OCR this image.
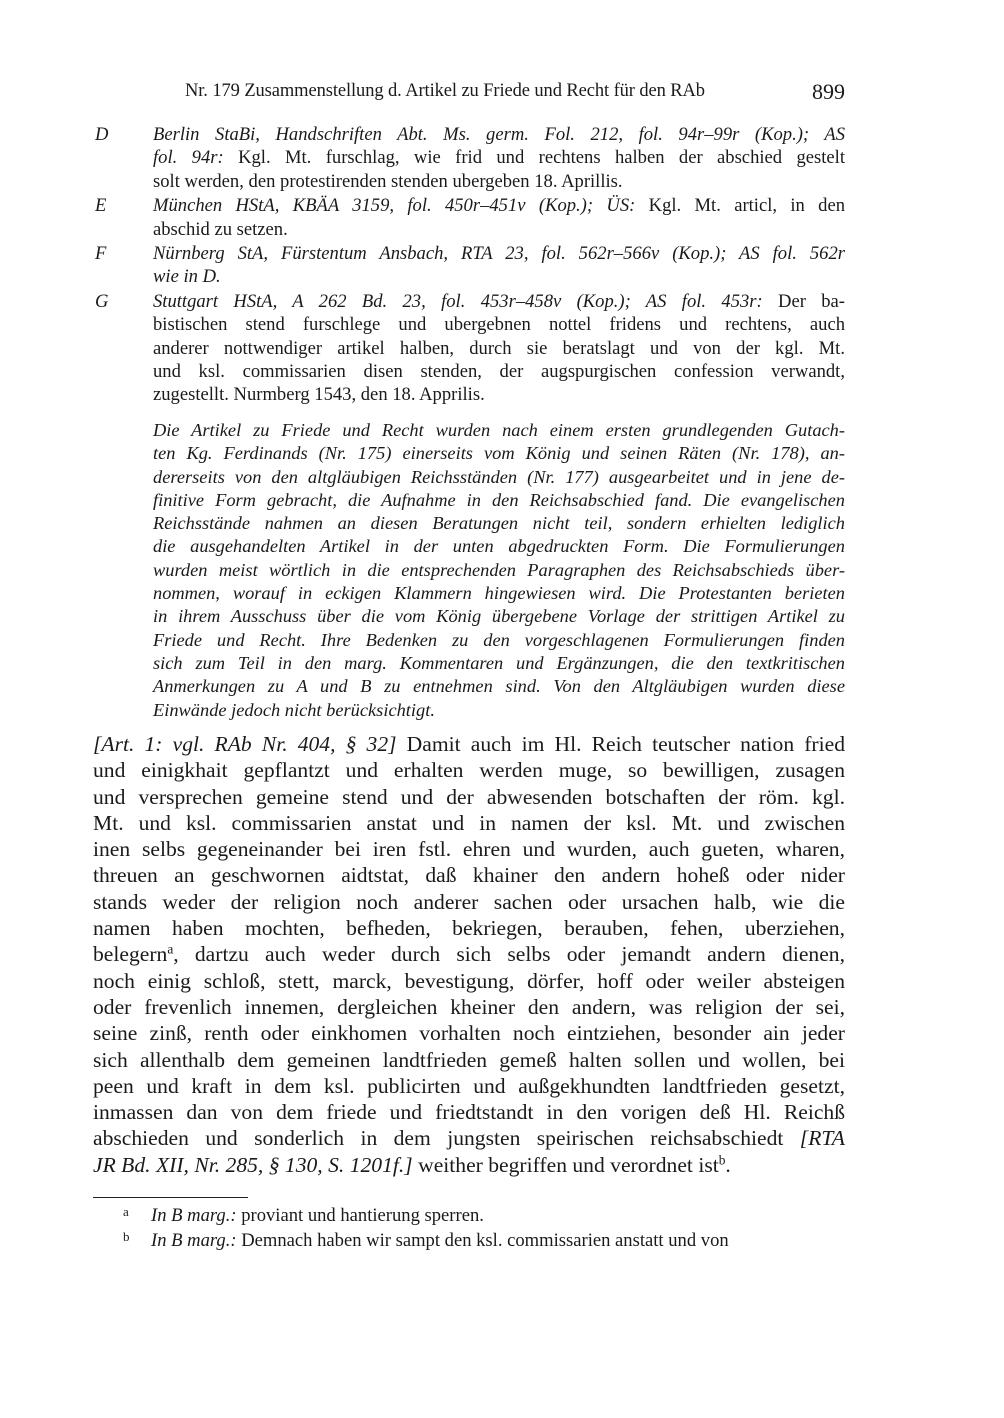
Nr. 179 Zusammenstellung d. Artikel zu Friede und Recht für den RAb	899
D Berlin StaBi, Handschriften Abt. Ms. germ. Fol. 212, fol. 94r–99r (Kop.); AS
fol. 94r: Kgl. Mt. furschlag, wie frid und rechtens halben der abschied gestelt
solt werden, den protestirenden stenden ubergeben 18. Aprillis.
E	München HStA, KBÄA 3159, fol. 450r–451v (Kop.); ÜS: Kgl. Mt. articl, in den
abschid zu setzen.
F	Nürnberg StA, Fürstentum Ansbach, RTA 23, fol. 562r–566v (Kop.); AS fol. 562r
wie in D.
G Stuttgart HStA, A 262 Bd. 23, fol. 453r–458v (Kop.); AS fol. 453r: Der ba-
bistischen stend furschlege und ubergebnen nottel fridens und rechtens, auch
anderer nottwendiger artikel halben, durch sie beratslagt und von der kgl. Mt.
und ksl. commissarien disen stenden, der augspurgischen confession verwandt,
zugestellt. Nurmberg 1543, den 18. Apprilis.
Die Artikel zu Friede und Recht wurden nach einem ersten grundlegenden Gutach-
ten Kg. Ferdinands (Nr. 175) einerseits vom König und seinen Räten (Nr. 178), an-
dererseits von den altgläubigen Reichsständen (Nr. 177) ausgearbeitet und in jene de-
finitive Form gebracht, die Aufnahme in den Reichsabschied fand. Die evangelischen
Reichsstände nahmen an diesen Beratungen nicht teil, sondern erhielten lediglich
die ausgehandelten Artikel in der unten abgedruckten Form. Die Formulierungen
wurden meist wörtlich in die entsprechenden Paragraphen des Reichsabschieds über-
nommen, worauf in eckigen Klammern hingewiesen wird. Die Protestanten berieten
in ihrem Ausschuss über die vom König übergebene Vorlage der strittigen Artikel zu
Friede und Recht. Ihre Bedenken zu den vorgeschlagenen Formulierungen finden
sich zum Teil in den marg. Kommentaren und Ergänzungen, die den textkritischen
Anmerkungen zu A und B zu entnehmen sind. Von den Altgläubigen wurden diese
Einwände jedoch nicht berücksichtigt.
[Art. 1: vgl. RAb Nr. 404, § 32] Damit auch im Hl. Reich teutscher nation fried
und einigkhait gepflantzt und erhalten werden muge, so bewilligen, zusagen
und versprechen gemeine stend und der abwesenden botschaften der röm. kgl.
Mt. und ksl. commissarien anstat und in namen der ksl. Mt. und zwischen
inen selbs gegeneinander bei iren fstl. ehren und wurden, auch gueten, wharen,
threuen an geschwornen aidtstat, daß khainer den andern hoheß oder nider
stands weder der religion noch anderer sachen oder ursachen halb, wie die
namen haben mochten, befheden, bekriegen, berauben, fehen, uberziehen,
belegern$^a$, dartzu auch weder durch sich selbs oder jemandt andern dienen,
noch einig schloß, stett, marck, bevestigung, dörfer, hoff oder weiler absteigen
oder frevenlich innemen, dergleichen kheiner den andern, was religion der sei,
seine zinß, renth oder einkhomen vorhalten noch eintziehen, besonder ain jeder
sich allenthalb dem gemeinen landtfrieden gemeß halten sollen und wollen, bei
peen und kraft in dem ksl. publicirten und außgekhundten landtfrieden gesetzt,
inmassen dan von dem friede und friedtstandt in den vorigen deß Hl. Reichß
abschieden und sonderlich in dem jungsten speirischen reichsabschiedt [RTA
JR Bd. XII, Nr. 285, § 130, S. 1201f.] weither begriffen und verordnet ist$^b$.
a In B marg.: proviant und hantierung sperren.
b In B marg.: Demnach haben wir sampt den ksl. commissarien anstatt und von
